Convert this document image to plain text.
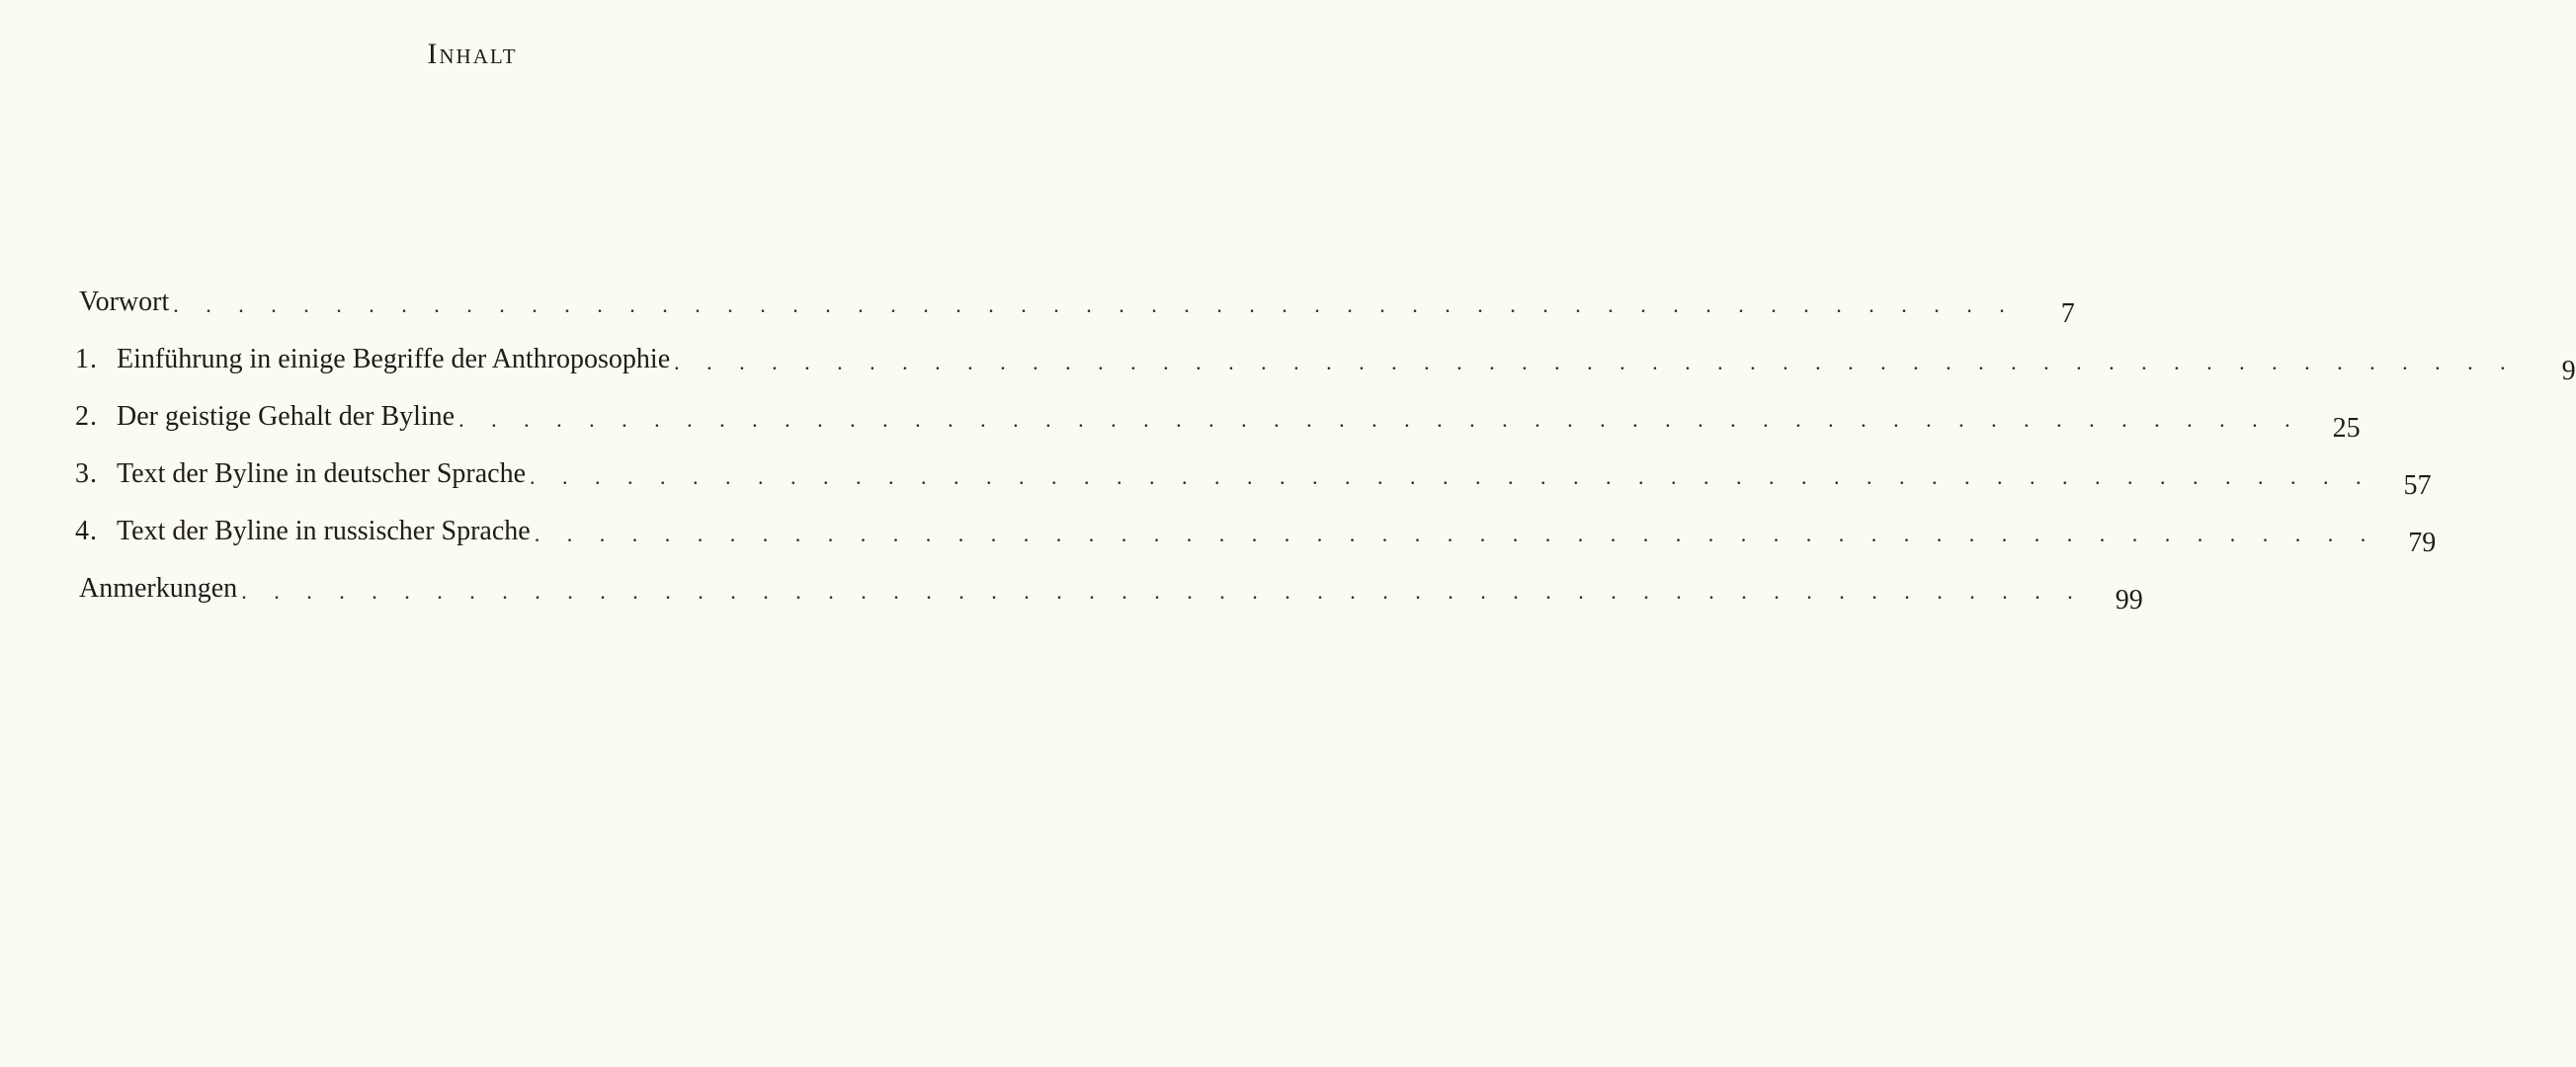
Inhalt
Vorwort . . . . . . . . . . . . . . . . . . . . . . . . . . . . . . . . . . . . . . . . . . . . . . . . . . . . . . . . .	7
1. Einführung in einige Begriffe der Anthroposophie . . . . . . . . . . . . . . . . . . . . . . . . . . . . . . . . . . . . . . . . . . . . . . . . . . . . . . . . .	9
2. Der geistige Gehalt der Byline . . . . . . . . . . . . . . . . . . . . . . . . . . . . . . . . . . . . . . . . . . . . . . . . . . . . . . . . . 25
3. Text der Byline in deutscher Sprache . . . . . . . . . . . . . . . . . . . . . . . . . . . . . . . . . . . . . . . . . . . . . . . . . . . . . . . . . 57
4. Text der Byline in russischer Sprache . . . . . . . . . . . . . . . . . . . . . . . . . . . . . . . . . . . . . . . . . . . . . . . . . . . . . . . . . 79
Anmerkungen . . . . . . . . . . . . . . . . . . . . . . . . . . . . . . . . . . . . . . . . . . . . . . . . . . . . . . . . . 99
